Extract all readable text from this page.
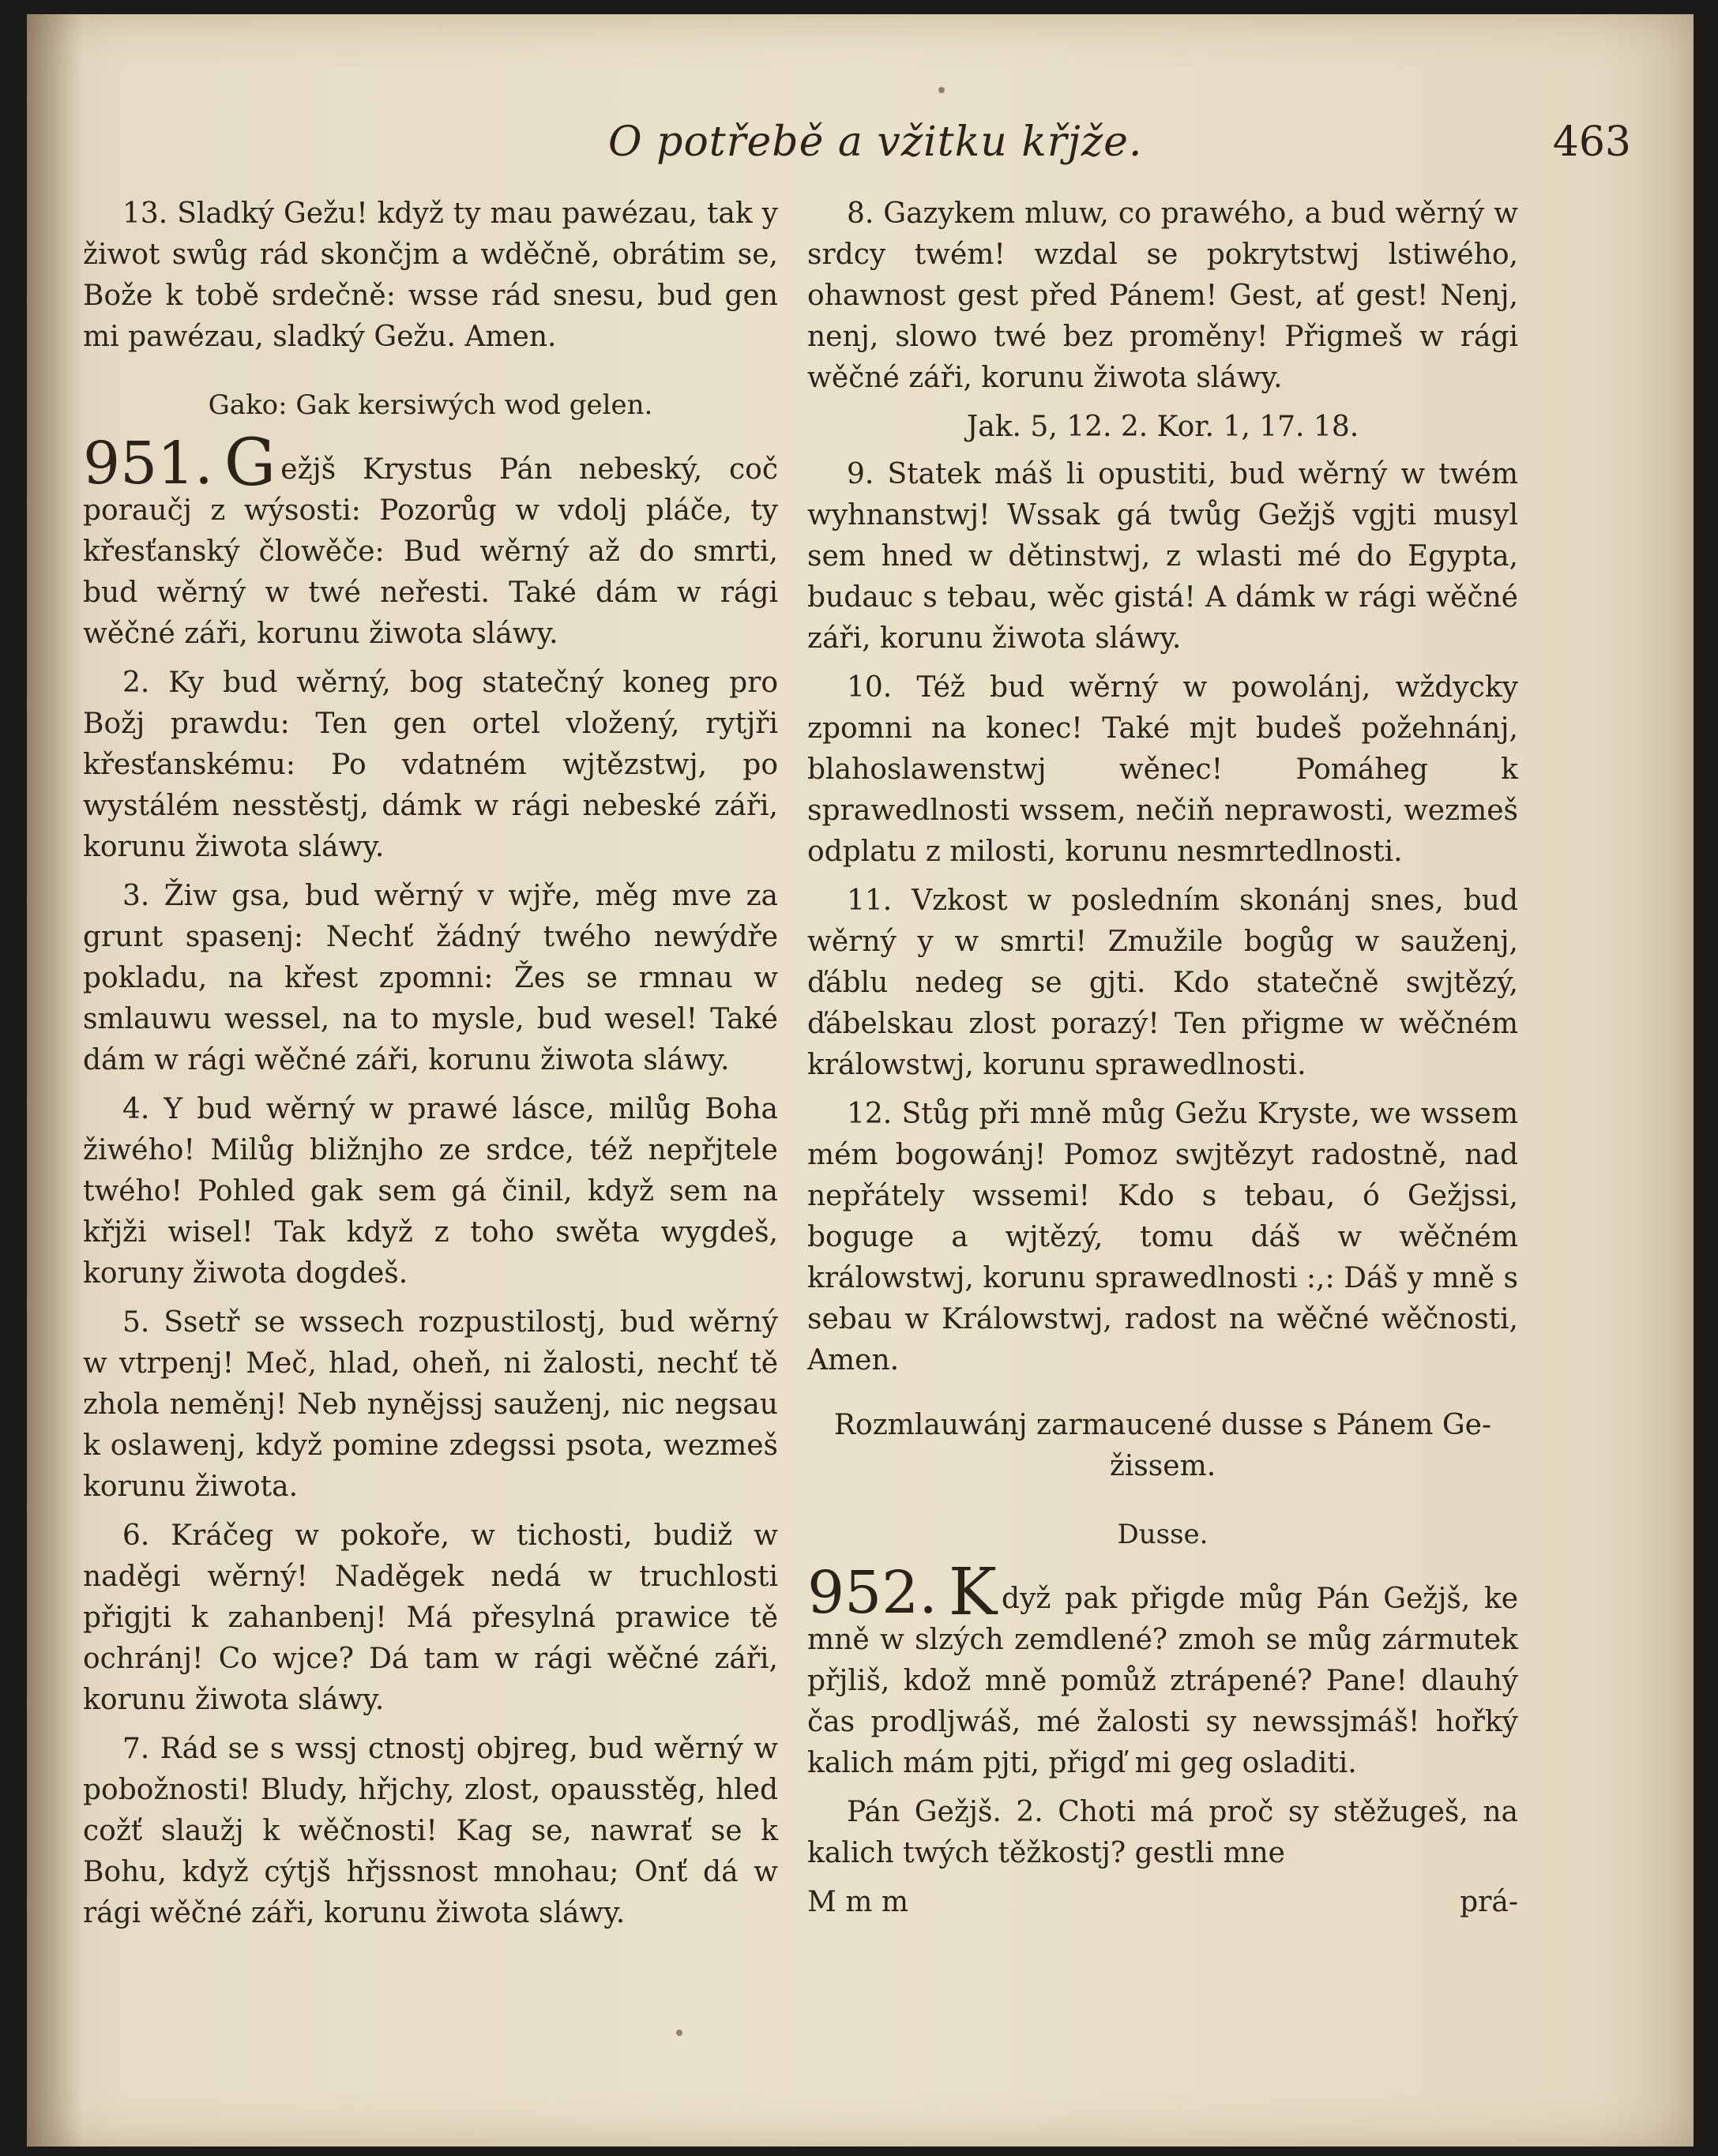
O potřebě a vžitku křjže.	463

13. Sladký Gežu! když ty mau pawézau, tak y žiwot swůg rád skončjm a wděčně, obrátim se, Bože k tobě srdečně: wsse rád snesu, bud gen mi pawézau, sladký Gežu. Amen.

Gako: Gak kersiwých wod gelen.

951. G ežjš Krystus Pán nebeský, coč poraučj z wýsosti: Pozorůg w vdolj pláče, ty křesťanský člowěče: Bud wěrný až do smrti, bud wěrný w twé neřesti. Také dám w rági wěčné záři, korunu žiwota sláwy.

2. Ky bud wěrný, bog statečný koneg pro Božj prawdu: Ten gen ortel vložený, rytjři křesťanskému: Po vdatném wjtězstwj, po wystálém nesstěstj, dámk w rági nebeské záři, korunu žiwota sláwy.

3. Žiw gsa, bud wěrný v wjře, měg mve za grunt spasenj: Nechť žádný twého newýdře pokladu, na křest zpomni: Žes se rmnau w smlauwu wessel, na to mysle, bud wesel! Také dám w rági wěčné záři, korunu žiwota sláwy.

4. Y bud wěrný w prawé lásce, milůg Boha žiwého! Milůg bližnjho ze srdce, též nepřjtele twého! Pohled gak sem gá činil, když sem na křjži wisel! Tak když z toho swěta wygdeš, koruny žiwota dogdeš.

5. Ssetř se wssech rozpustilostj, bud wěrný w vtrpenj! Meč, hlad, oheň, ni žalosti, nechť tě zhola neměnj! Neb nynějssj sauženj, nic negsau k oslawenj, když pomine zdegssi psota, wezmeš korunu žiwota.

6. Kráčeg w pokoře, w tichosti, budiž w naděgi wěrný! Naděgek nedá w truchlosti přigjti k zahanbenj! Má přesylná prawice tě ochránj! Co wjce? Dá tam w rági wěčné záři, korunu žiwota sláwy.

7. Rád se s wssj ctnostj objreg, bud wěrný w pobožnosti! Bludy, hřjchy, zlost, opausstěg, hled cožť slaužj k wěčnosti! Kag se, nawrať se k Bohu, když cýtjš hřjssnost mnohau; Onť dá w rági wěčné záři, korunu žiwota sláwy.

8. Gazykem mluw, co prawého, a bud wěrný w srdcy twém! wzdal se pokrytstwj lstiwého, ohawnost gest před Pánem! Gest, ať gest! Nenj, nenj, slowo twé bez proměny! Přigmeš w rági wěčné záři, korunu žiwota sláwy.

Jak. 5, 12. 2. Kor. 1, 17. 18.

9. Statek máš li opustiti, bud wěrný w twém wyhnanstwj! Wssak gá twůg Gežjš vgjti musyl sem hned w dětinstwj, z wlasti mé do Egypta, budauc s tebau, wěc gistá! A dámk w rági wěčné záři, korunu žiwota sláwy.

10. Též bud wěrný w powolánj, wždycky zpomni na konec! Také mjt budeš požehnánj, blahoslawenstwj wěnec! Pomáheg k sprawedlnosti wssem, nečiň neprawosti, wezmeš odplatu z milosti, korunu nesmrtedlnosti.

11. Vzkost w posledním skonánj snes, bud wěrný y w smrti! Zmužile bogůg w sauženj, ďáblu nedeg se gjti. Kdo statečně swjtězý, ďábelskau zlost porazý! Ten přigme w wěčném králowstwj, korunu sprawedlnosti.

12. Stůg při mně můg Gežu Kryste, we wssem mém bogowánj! Pomoz swjtězyt radostně, nad nepřátely wssemi! Kdo s tebau, ó Gežjssi, boguge a wjtězý, tomu dáš w wěčném králowstwj, korunu sprawedlnosti :,: Dáš y mně s sebau w Králowstwj, radost na wěčné wěčnosti, Amen.

Rozmlauwánj zarmaucené dusse s Pánem Ge-
žissem.

Dusse.

952. K dyž pak přigde můg Pán Gežjš, ke mně w slzých zemdlené? zmoh se můg zármutek přjliš, kdož mně pomůž ztrápené? Pane! dlauhý čas prodljwáš, mé žalosti sy newssjmáš! hořký kalich mám pjti, přigď mi geg osladiti.

Pán Gežjš. 2. Choti má proč sy stěžugeš, na kalich twých těžkostj? gestli mne

M m m	prá-
